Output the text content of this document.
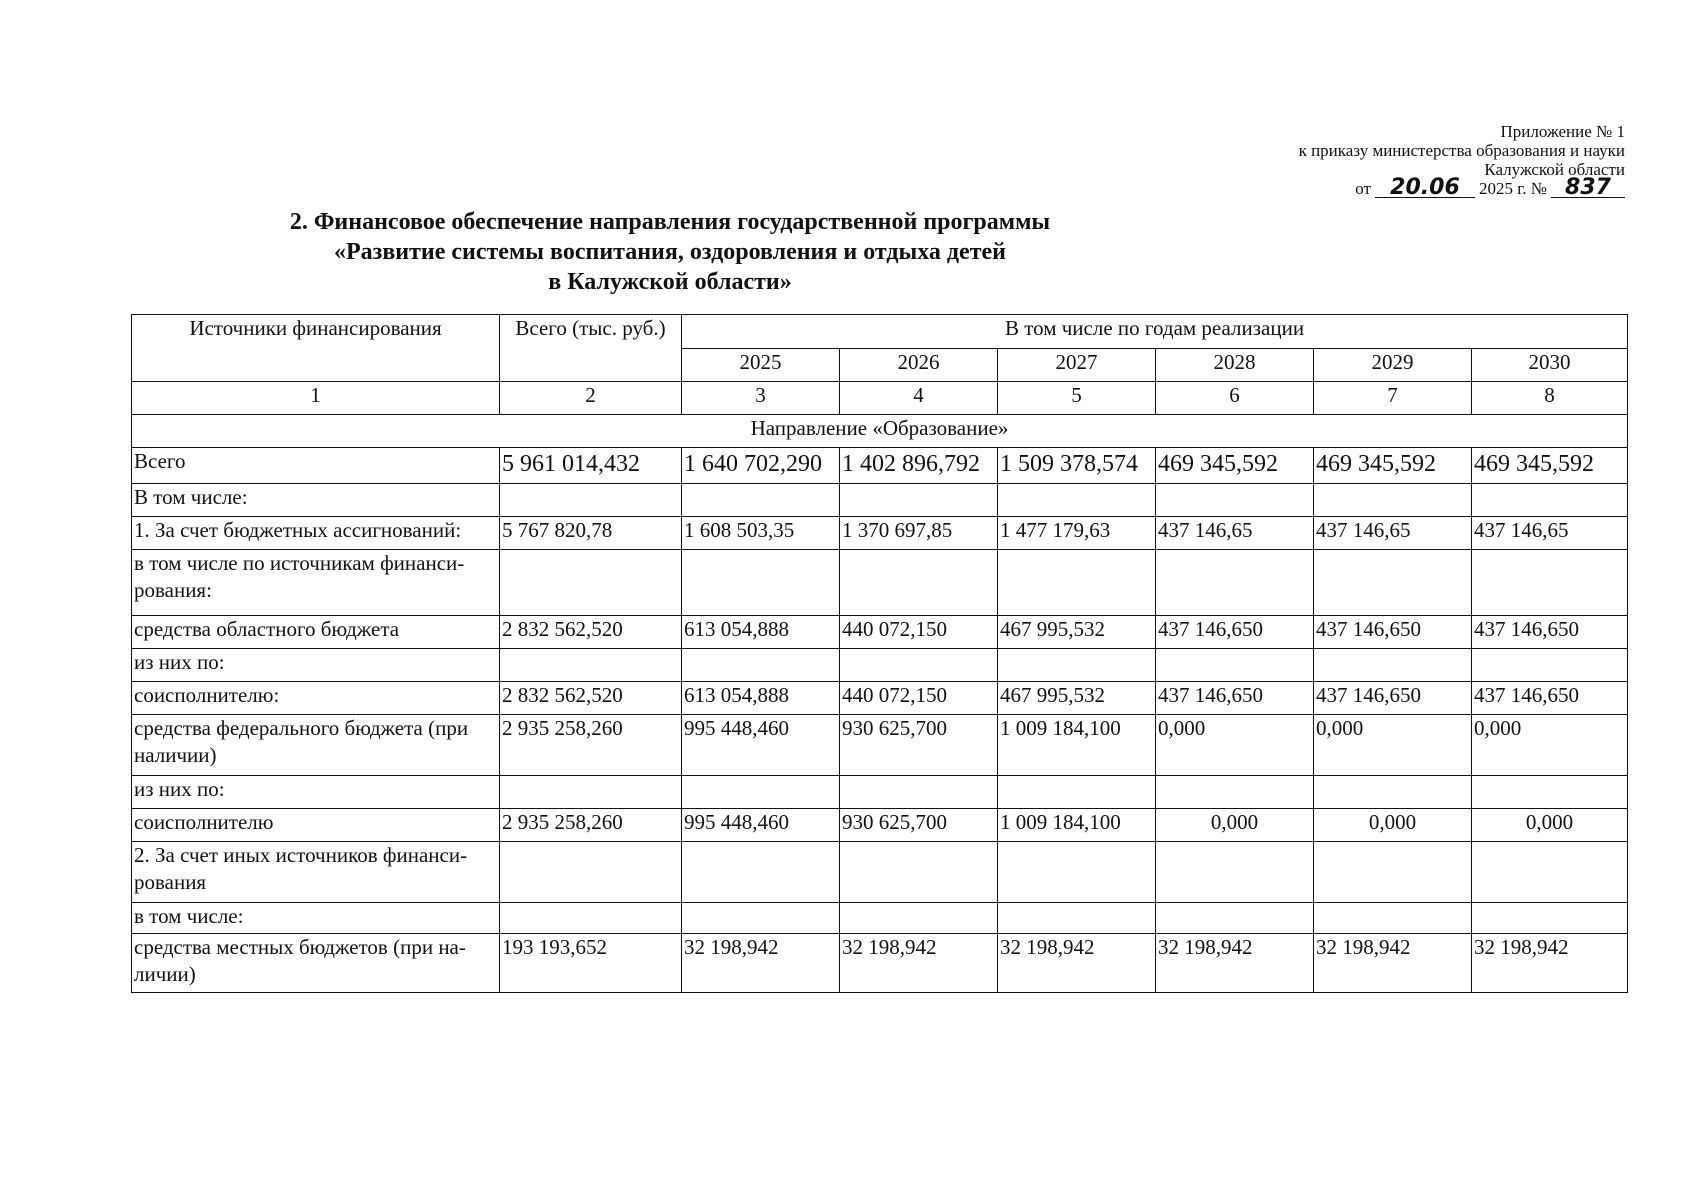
Приложение № 1
к приказу министерства образования и науки
Калужской области
от 20.06	2025 г. № 837
2. Финансовое обеспечение направления государственной программы
«Развитие системы воспитания, оздоровления и отдыха детей
в Калужской области»
Источники финансирования	Всего (тыс. руб.)	В том числе по годам реализации					
		2025	2026	2027	2028	2029	2030
1	2	3	4	5	6	7	8
Направление «Образование»							
Всего	5 961 014,432	1 640 702,290	1 402 896,792	1 509 378,574	469 345,592	469 345,592	469 345,592
В том числе:							
1. За счет бюджетных ассигнований:	5 767 820,78	1 608 503,35	1 370 697,85	1 477 179,63	437 146,65	437 146,65	437 146,65
в том числе по источникам финанси-рования:							
средства областного бюджета	2 832 562,520	613 054,888	440 072,150	467 995,532	437 146,650	437 146,650	437 146,650
из них по:							
соисполнителю:	2 832 562,520	613 054,888	440 072,150	467 995,532	437 146,650	437 146,650	437 146,650
средства федерального бюджета (при наличии)	2 935 258,260	995 448,460	930 625,700	1 009 184,100	0,000	0,000	0,000
из них по:							
соисполнителю	2 935 258,260	995 448,460	930 625,700	1 009 184,100	0,000	0,000	0,000
2. За счет иных источников финанси-рования							
в том числе:							
средства местных бюджетов (при на-личии)	193 193,652	32 198,942	32 198,942	32 198,942	32 198,942	32 198,942	32 198,942
